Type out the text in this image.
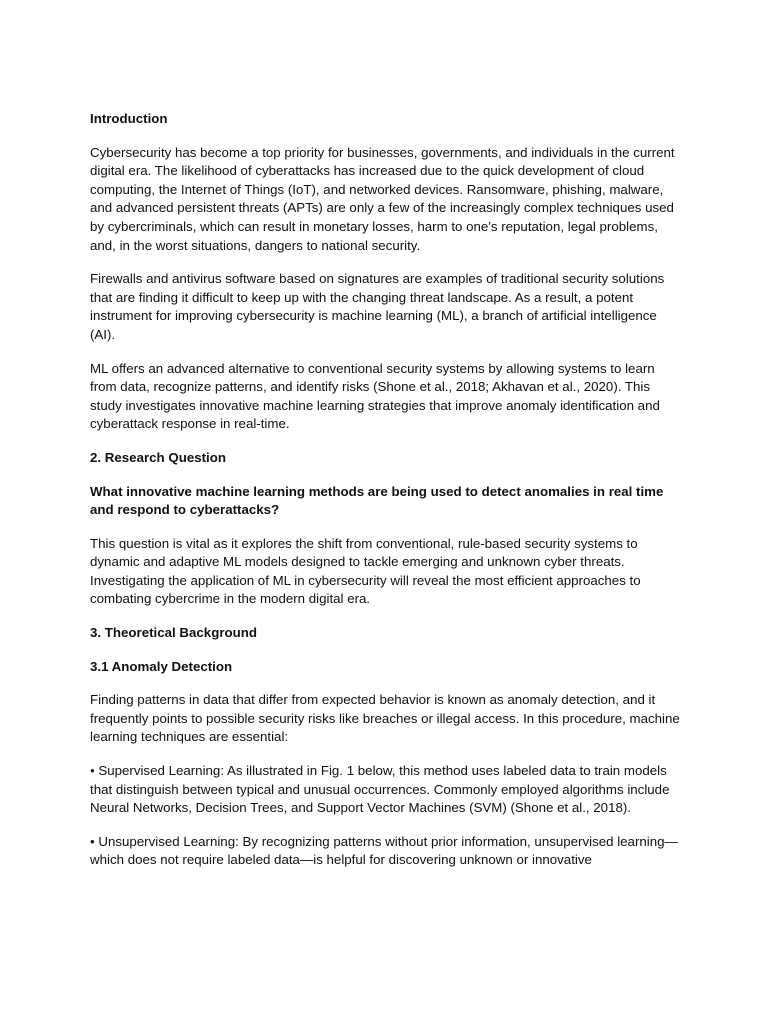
Introduction

Cybersecurity has become a top priority for businesses, governments, and individuals in the current digital era. The likelihood of cyberattacks has increased due to the quick development of cloud computing, the Internet of Things (IoT), and networked devices. Ransomware, phishing, malware, and advanced persistent threats (APTs) are only a few of the increasingly complex techniques used by cybercriminals, which can result in monetary losses, harm to one's reputation, legal problems, and, in the worst situations, dangers to national security.

Firewalls and antivirus software based on signatures are examples of traditional security solutions that are finding it difficult to keep up with the changing threat landscape. As a result, a potent instrument for improving cybersecurity is machine learning (ML), a branch of artificial intelligence (AI).

ML offers an advanced alternative to conventional security systems by allowing systems to learn from data, recognize patterns, and identify risks (Shone et al., 2018; Akhavan et al., 2020). This study investigates innovative machine learning strategies that improve anomaly identification and cyberattack response in real-time.

2. Research Question

What innovative machine learning methods are being used to detect anomalies in real time and respond to cyberattacks?

This question is vital as it explores the shift from conventional, rule-based security systems to dynamic and adaptive ML models designed to tackle emerging and unknown cyber threats. Investigating the application of ML in cybersecurity will reveal the most efficient approaches to combating cybercrime in the modern digital era.

3. Theoretical Background

3.1 Anomaly Detection

Finding patterns in data that differ from expected behavior is known as anomaly detection, and it frequently points to possible security risks like breaches or illegal access. In this procedure, machine learning techniques are essential:

• Supervised Learning: As illustrated in Fig. 1 below, this method uses labeled data to train models that distinguish between typical and unusual occurrences. Commonly employed algorithms include Neural Networks, Decision Trees, and Support Vector Machines (SVM) (Shone et al., 2018).

• Unsupervised Learning: By recognizing patterns without prior information, unsupervised learning—which does not require labeled data—is helpful for discovering unknown or innovative
